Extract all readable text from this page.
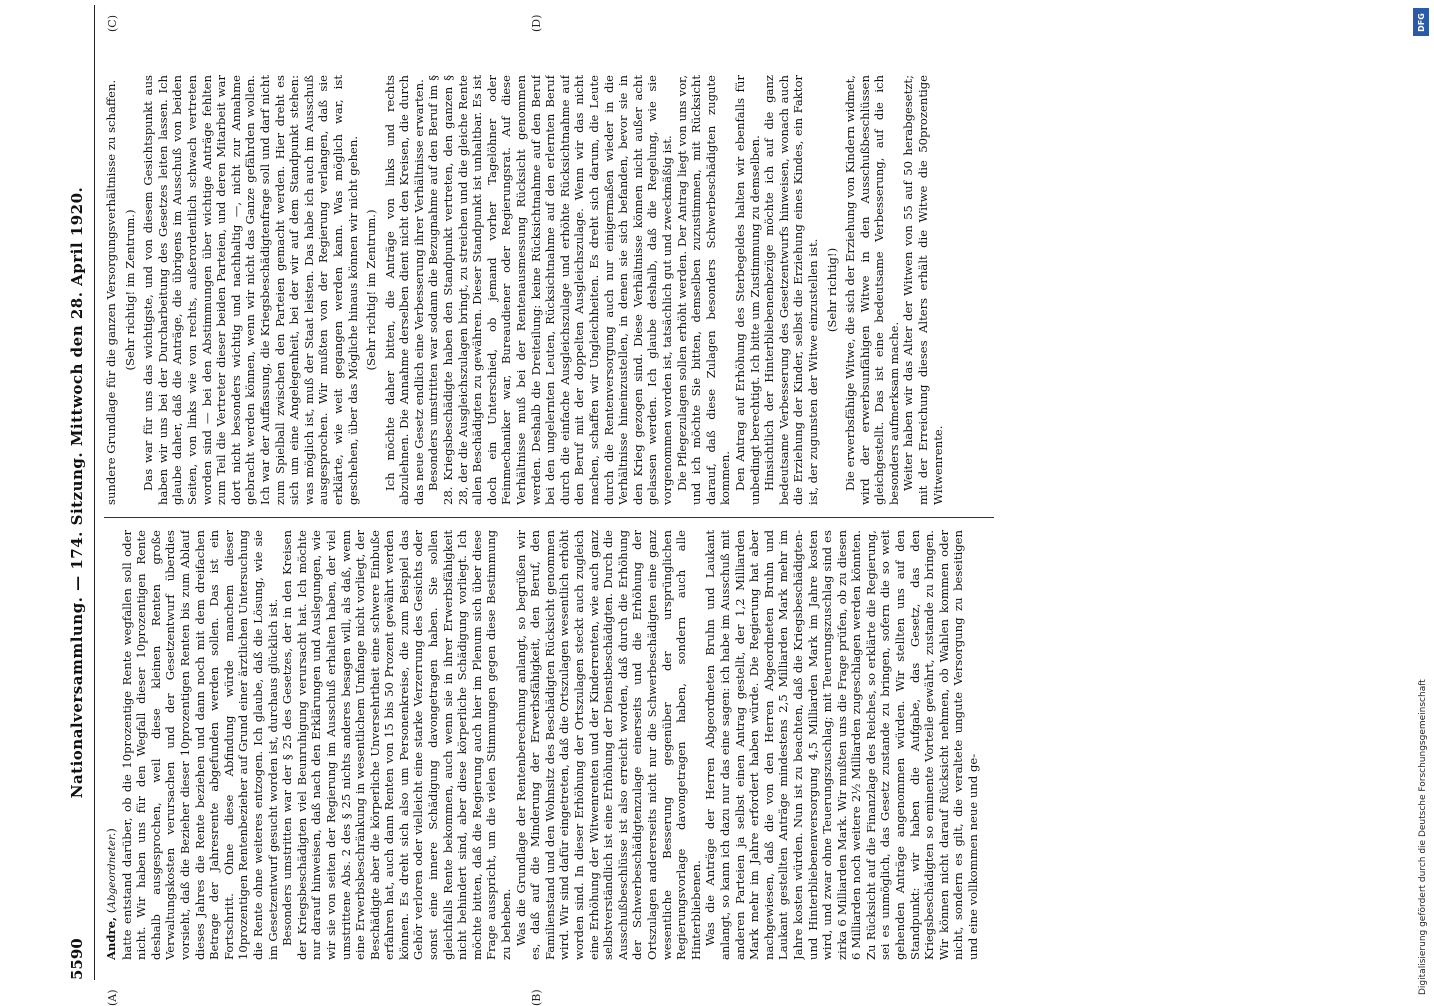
5590
Nationalversammlung. — 174. Sitzung. Mittwoch den 28. April 1920.
(A)	(B)
(C)	(D)

Andre, (Abgeordneter.) hatte entstand darüber, ob die 10prozentige Rente wegfallen soll oder nicht. Wir haben uns für den Wegfall dieser 10prozentigen Rente deshalb ausgesprochen, weil diese kleinen Renten große Verwaltungskosten verursachen und der Gesetzentwurf überdies vorsieht, daß die Bezieher dieser 10prozentigen Renten bis zum Ablauf dieses Jahres die Rente beziehen und dann noch mit dem dreifachen Betrage der Jahresrente abgefunden werden sollen. Das ist ein Fortschritt. Ohne diese Abfindung würde manchem dieser 10prozentigen Rentenbezieher auf Grund einer ärztlichen Untersuchung die Rente ohne weiteres entzogen. Ich glaube, daß die Lösung, wie sie im Gesetzentwurf gesucht worden ist, durchaus glücklich ist. Besonders umstritten war der § 25 des Gesetzes, der in den Kreisen der Kriegsbeschädigten viel Beunruhigung verursacht hat. Ich möchte nur darauf hinweisen, daß nach den Erklärungen und Auslegungen, wie wir sie von seiten der Regierung im Ausschuß erhalten haben, der viel umstrittene Abs. 2 des § 25 nichts anderes besagen will, als daß, wenn eine Erwerbsbeschränkung in wesentlichem Umfange nicht vorliegt, der Beschädigte aber die körperliche Unversehrtheit eine schwere Einbuße erfahren hat, auch dann Renten von 15 bis 50 Prozent gewährt werden können. Es dreht sich also um Personenkreise, die zum Beispiel das Gehör verloren oder vielleicht eine starke Verzerrung des Gesichts oder sonst eine innere Schädigung davongetragen haben. Sie sollen gleichfalls Rente bekommen, auch wenn sie in ihrer Erwerbsfähigkeit nicht behindert sind, aber diese körperliche Schädigung vorliegt. Ich möchte bitten, daß die Regierung auch hier im Plenum sich über diese Frage ausspricht, um die vielen Stimmungen gegen diese Bestimmung zu beheben. Was die Grundlage der Rentenberechnung anlangt, so begrüßen wir es, daß auf die Minderung der Erwerbsfähigkeit, den Beruf, den Familienstand und den Wohnsitz des Beschädigten Rücksicht genommen wird. Wir sind dafür eingetreten, daß die Ortszulagen wesentlich erhöht worden sind. In dieser Erhöhung der Ortszulagen steckt auch zugleich eine Erhöhung der Witwenrenten und der Kinderrenten, wie auch ganz selbstverständlich ist eine Erhöhung der Dienstbeschädigten. Durch die Ausschußbeschlüsse ist also erreicht worden, daß durch die Erhöhung der Schwerbeschädigtenzulage einerseits und die Erhöhung der Ortszulagen andererseits nicht nur die Schwerbeschädigten eine ganz wesentliche Besserung gegenüber der ursprünglichen Regierungsvorlage davongetragen haben, sondern auch alle Hinterbliebenen. Was die Anträge der Herren Abgeordneten Bruhn und Laukant anlangt, so kann ich dazu nur das eine sagen: ich habe im Ausschuß mit anderen Parteien ja selbst einen Antrag gestellt, der 1,2 Milliarden Mark mehr im Jahre erfordert haben würde. Die Regierung hat aber nachgewiesen, daß die von den Herren Abgeordneten Bruhn und Laukant gestellten Anträge mindestens 2,5 Milliarden Mark mehr im Jahre kosten würden. Nun ist zu beachten, daß die Kriegsbeschädigten- und Hinterbliebenenversorgung 4,5 Milliarden Mark im Jahre kosten wird, und zwar ohne Teuerungszuschlag; mit Teuerungszuschlag sind es zirka 6 Milliarden Mark. Wir mußten uns die Frage prüfen, ob zu diesen 6 Milliarden noch weitere 2½ Milliarden zugeschlagen werden könnten. Zu Rücksicht auf die Finanzlage des Reiches, so erklärte die Regierung, sei es unmöglich, das Gesetz zustande zu bringen, sofern die so weit gehenden Anträge angenommen würden. Wir stellten uns auf den Standpunkt: wir haben die Aufgabe, das Gesetz, das den Kriegsbeschädigten so eminente Vorteile gewährt, zustande zu bringen. Wir können nicht darauf Rücksicht nehmen, ob Wahlen kommen oder nicht, sondern es gilt, die veraltete ungute Versorgung zu beseitigen und eine vollkommen neue und ge-

sundere Grundlage für die ganzen Versorgungsverhältnisse zu schaffen. (Sehr richtig! im Zentrum.) Das war für uns das wichtigste, und von diesem Gesichtspunkt aus haben wir uns bei der Durcharbeitung des Gesetzes leiten lassen. Ich glaube daher, daß die Anträge, die übrigens im Ausschuß von beiden Seiten, von links wie von rechts, außerordentlich schwach vertreten worden sind — bei den Abstimmungen über wichtige Anträge fehlten zum Teil die Vertreter dieser beiden Parteien, und deren Mitarbeit war dort nicht besonders wichtig und nachhaltig —, nicht zur Annahme gebracht werden können, wenn wir nicht das Ganze gefährden wollen. Ich war der Auffassung, die Kriegsbeschädigtenfrage soll und darf nicht zum Spielball zwischen den Parteien gemacht werden. Hier dreht es sich um eine Angelegenheit, bei der wir auf dem Standpunkt stehen: was möglich ist, muß der Staat leisten. Das habe ich auch im Ausschuß ausgesprochen. Wir mußten von der Regierung verlangen, daß sie erklärte, wie weit gegangen werden kann. Was möglich war, ist geschehen, über das Mögliche hinaus können wir nicht gehen. (Sehr richtig! im Zentrum.) Ich möchte daher bitten, die Anträge von links und rechts abzulehnen. Die Annahme derselben dient nicht den Kreisen, die durch das neue Gesetz endlich eine Verbesserung ihrer Verhältnisse erwarten. Besonders umstritten war sodann die Bezugnahme auf den Beruf im § 28. Kriegsbeschädigte haben den Standpunkt vertreten, den ganzen § 28, der die Ausgleichszulagen bringt, zu streichen und die gleiche Rente allen Beschädigten zu gewähren. Dieser Standpunkt ist unhaltbar. Es ist doch ein Unterschied, ob jemand vorher Tagelöhner oder Feinmechaniker war, Bureaudiener oder Regierungsrat. Auf diese Verhältnisse muß bei der Rentenausmessung Rücksicht genommen werden. Deshalb die Dreiteilung: keine Rücksichtnahme auf den Beruf bei den ungelernten Leuten, Rücksichtnahme auf den erlernten Beruf durch die einfache Ausgleichszulage und erhöhte Rücksichtnahme auf den Beruf mit der doppelten Ausgleichszulage. Wenn wir das nicht machen, schaffen wir Ungleichheiten. Es dreht sich darum, die Leute durch die Rentenversorgung auch nur einigermaßen wieder in die Verhältnisse hineinzustellen, in denen sie sich befanden, bevor sie in den Krieg gezogen sind. Diese Verhältnisse können nicht außer acht gelassen werden. Ich glaube deshalb, daß die Regelung, wie sie vorgenommen worden ist, tatsächlich gut und zweckmäßig ist. Die Pflegezulagen sollen erhöht werden. Der Antrag liegt von uns vor, und ich möchte Sie bitten, demselben zuzustimmen, mit Rücksicht darauf, daß diese Zulagen besonders Schwerbeschädigten zugute kommen. Den Antrag auf Erhöhung des Sterbegeldes halten wir ebenfalls für unbedingt berechtigt. Ich bitte um Zustimmung zu demselben. Hinsichtlich der Hinterbliebenenbezüge möchte ich auf die ganz bedeutsame Verbesserung des Gesetzentwurfs hinweisen, wonach auch die Erziehung der Kinder, selbst die Erziehung eines Kindes, ein Faktor ist, der zugunsten der Witwe einzustellen ist. (Sehr richtig!) Die erwerbsfähige Witwe, die sich der Erziehung von Kindern widmet, wird der erwerbsunfähigen Witwe in den Ausschußbeschlüssen gleichgestellt. Das ist eine bedeutsame Verbesserung, auf die ich besonders aufmerksam mache. Weiter haben wir das Alter der Witwen von 55 auf 50 herabgesetzt; mit der Erreichung dieses Alters erhält die Witwe die 50prozentige Witwenrente.

DFG
Digitalisierung gefördert durch die Deutsche Forschungsgemeinschaft
